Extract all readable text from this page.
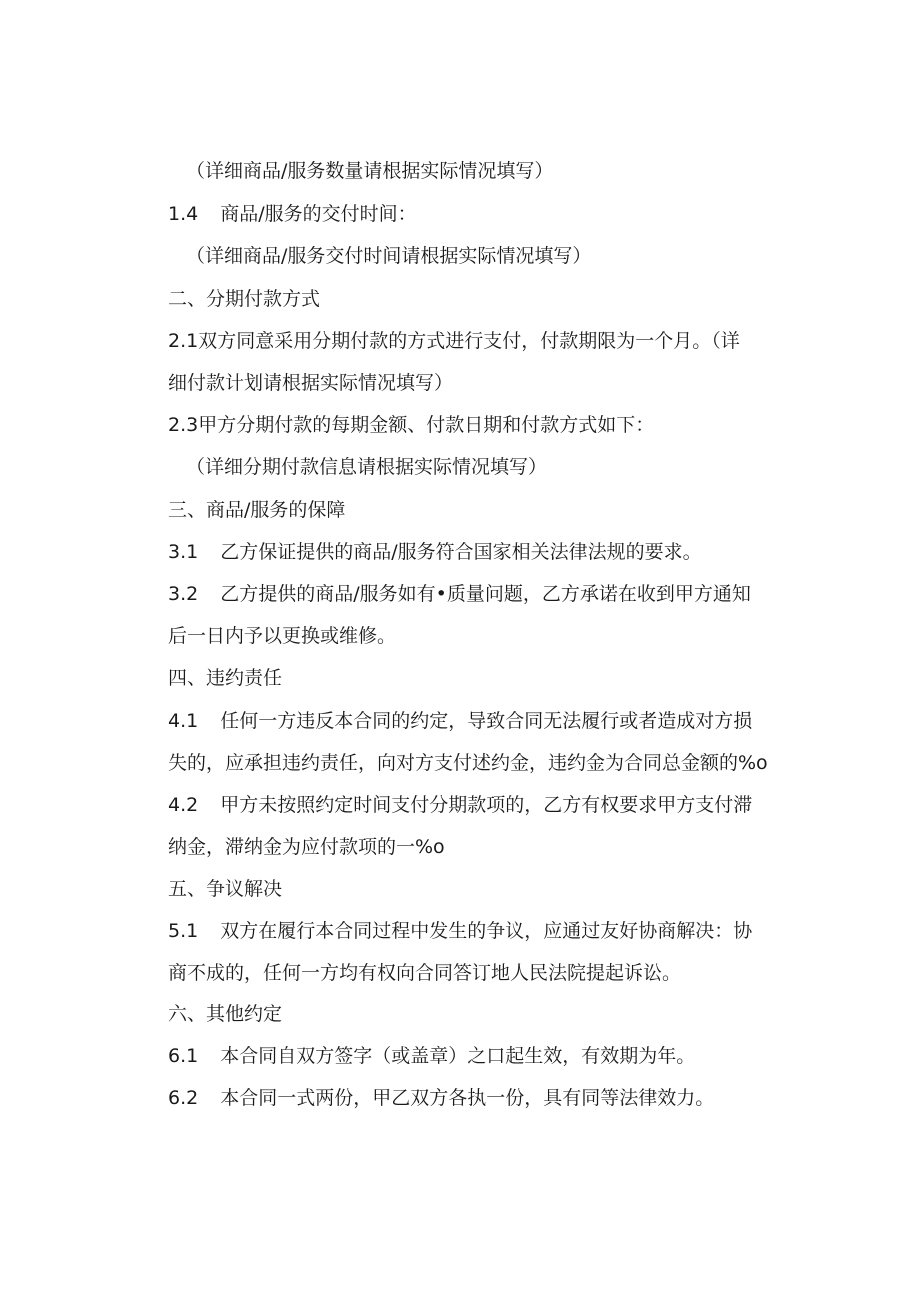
（详细商品/服务数量请根据实际情况填写）
1.4 商品/服务的交付时间：
（详细商品/服务交付时间请根据实际情况填写）
二、分期付款方式
2.1双方同意采用分期付款的方式进行支付，付款期限为一个月。（详
细付款计划请根据实际情况填写）
2.3甲方分期付款的每期金额、付款日期和付款方式如下：
（详细分期付款信息请根据实际情况填写）
三、商品/服务的保障
3.1 乙方保证提供的商品/服务符合国家相关法律法规的要求。
3.2 乙方提供的商品/服务如有•质量问题，乙方承诺在收到甲方通知
后一日内予以更换或维修。
四、违约责任
4.1 任何一方违反本合同的约定，导致合同无法履行或者造成对方损
失的，应承担违约责任，向对方支付述约金，违约金为合同总金额的%o
4.2 甲方未按照约定时间支付分期款项的，乙方有权要求甲方支付滞
纳金，滞纳金为应付款项的一%o
五、争议解决
5.1 双方在履行本合同过程中发生的争议，应通过友好协商解决：协
商不成的，任何一方均有权向合同答订地人民法院提起诉讼。
六、其他约定
6.1 本合同自双方签字（或盖章）之口起生效，有效期为年。
6.2 本合同一式两份，甲乙双方各执一份，具有同等法律效力。
